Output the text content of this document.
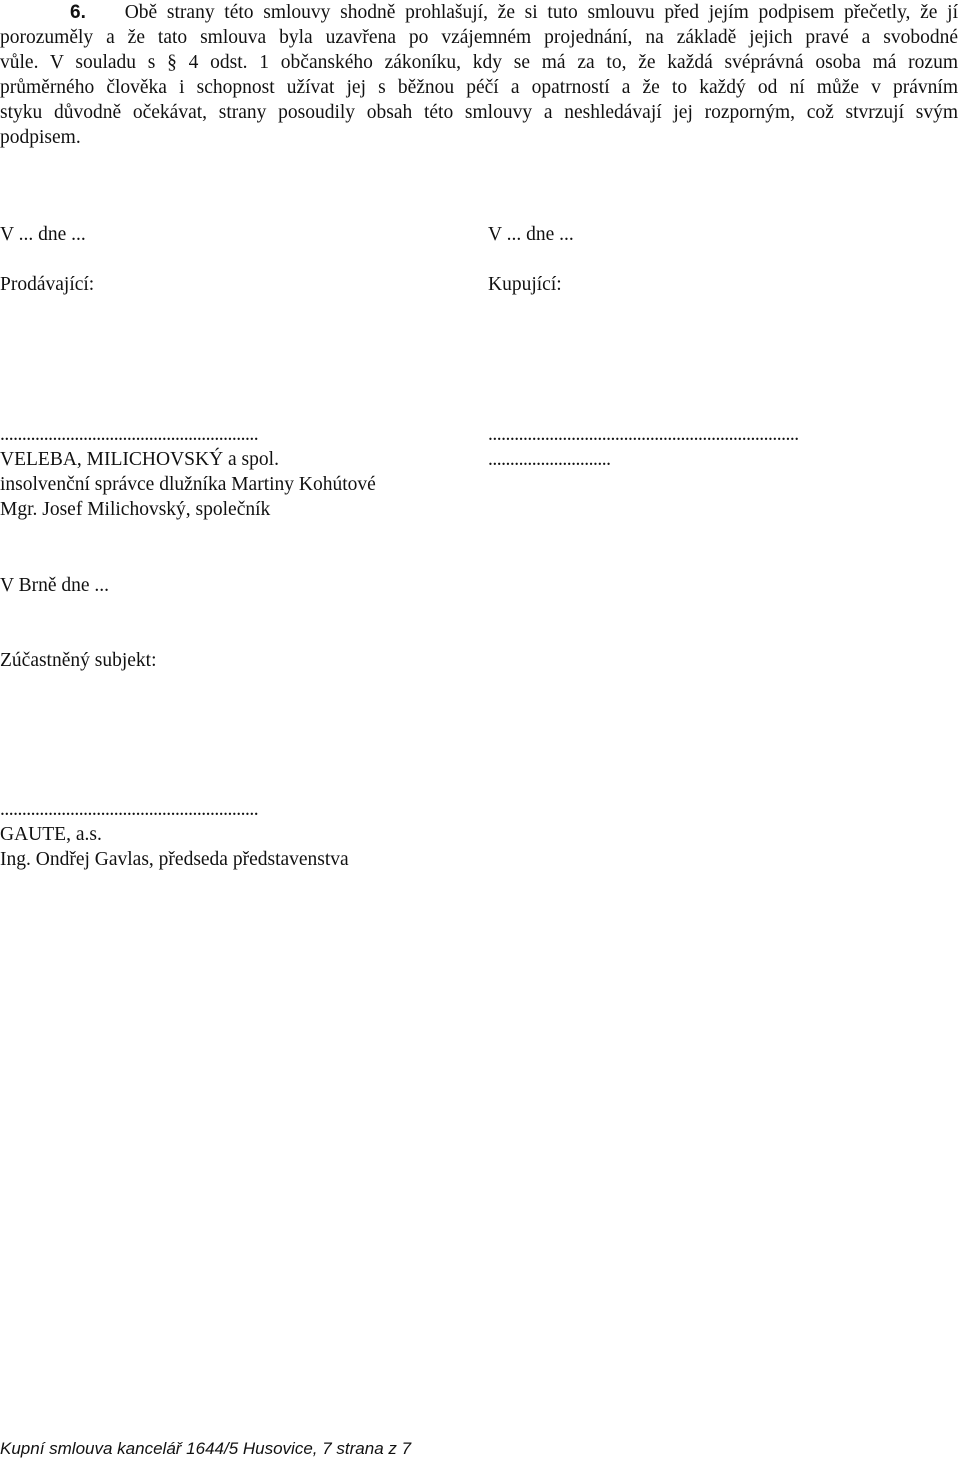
6. Obě strany této smlouvy shodně prohlašují, že si tuto smlouvu před jejím podpisem přečetly, že jí
porozuměly a že tato smlouva byla uzavřena po vzájemném projednání, na základě jejich pravé a svobodné
vůle. V souladu s § 4 odst. 1 občanského zákoníku, kdy se má za to, že každá svéprávná osoba má rozum
průměrného člověka i schopnost užívat jej s běžnou péčí a opatrností a že to každý od ní může v právním
styku důvodně očekávat, strany posoudily obsah této smlouvy a neshledávají jej rozporným, což stvrzují svým
podpisem.
V ... dne ...
Prodávající:
...........................................................
VELEBA, MILICHOVSKÝ a spol.
insolvenční správce dlužníka Martiny Kohútové
Mgr. Josef Milichovský, společník
V ... dne ...
Kupující:
.......................................................................
............................
V Brně dne ...
Zúčastněný subjekt:
...........................................................
GAUTE, a.s.
Ing. Ondřej Gavlas, předseda představenstva
Kupní smlouva kancelář 1644/5 Husovice, 7 strana z 7
